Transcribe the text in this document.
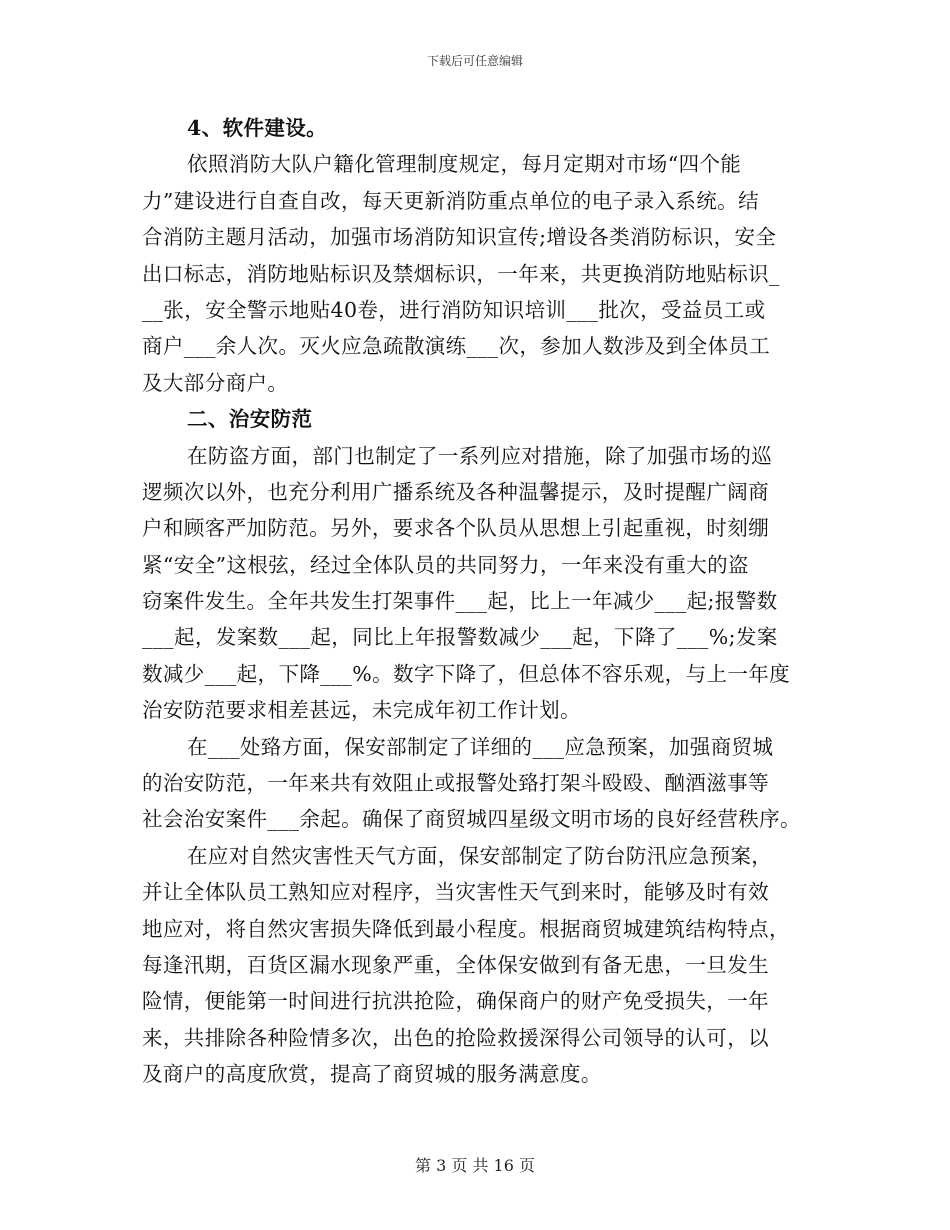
下载后可任意编辑
4、软件建设。
依照消防大队户籍化管理制度规定，每月定期对市场“四个能
力”建设进行自查自改，每天更新消防重点单位的电子录入系统。结
合消防主题月活动，加强市场消防知识宣传;增设各类消防标识，安全
出口标志，消防地贴标识及禁烟标识，一年来，共更换消防地贴标识_
__张，安全警示地贴40卷，进行消防知识培训___批次，受益员工或
商户___余人次。灭火应急疏散演练___次，参加人数涉及到全体员工
及大部分商户。
二、治安防范
在防盗方面，部门也制定了一系列应对措施，除了加强市场的巡
逻频次以外，也充分利用广播系统及各种温馨提示，及时提醒广阔商
户和顾客严加防范。另外，要求各个队员从思想上引起重视，时刻绷
紧“安全”这根弦，经过全体队员的共同努力，一年来没有重大的盗
窃案件发生。全年共发生打架事件___起，比上一年减少___起;报警数
___起，发案数___起，同比上年报警数减少___起，下降了___%;发案
数减少___起，下降___%。数字下降了，但总体不容乐观，与上一年度
治安防范要求相差甚远，未完成年初工作计划。
在___处臵方面，保安部制定了详细的___应急预案，加强商贸城
的治安防范，一年来共有效阻止或报警处臵打架斗殴殴、酗酒滋事等
社会治安案件___余起。确保了商贸城四星级文明市场的良好经营秩序。
在应对自然灾害性天气方面，保安部制定了防台防汛应急预案，
并让全体队员工熟知应对程序，当灾害性天气到来时，能够及时有效
地应对，将自然灾害损失降低到最小程度。根据商贸城建筑结构特点，
每逢汛期，百货区漏水现象严重，全体保安做到有备无患，一旦发生
险情，便能第一时间进行抗洪抢险，确保商户的财产免受损失，一年
来，共排除各种险情多次，出色的抢险救援深得公司领导的认可，以
及商户的高度欣赏，提高了商贸城的服务满意度。
第 3 页 共 16 页
